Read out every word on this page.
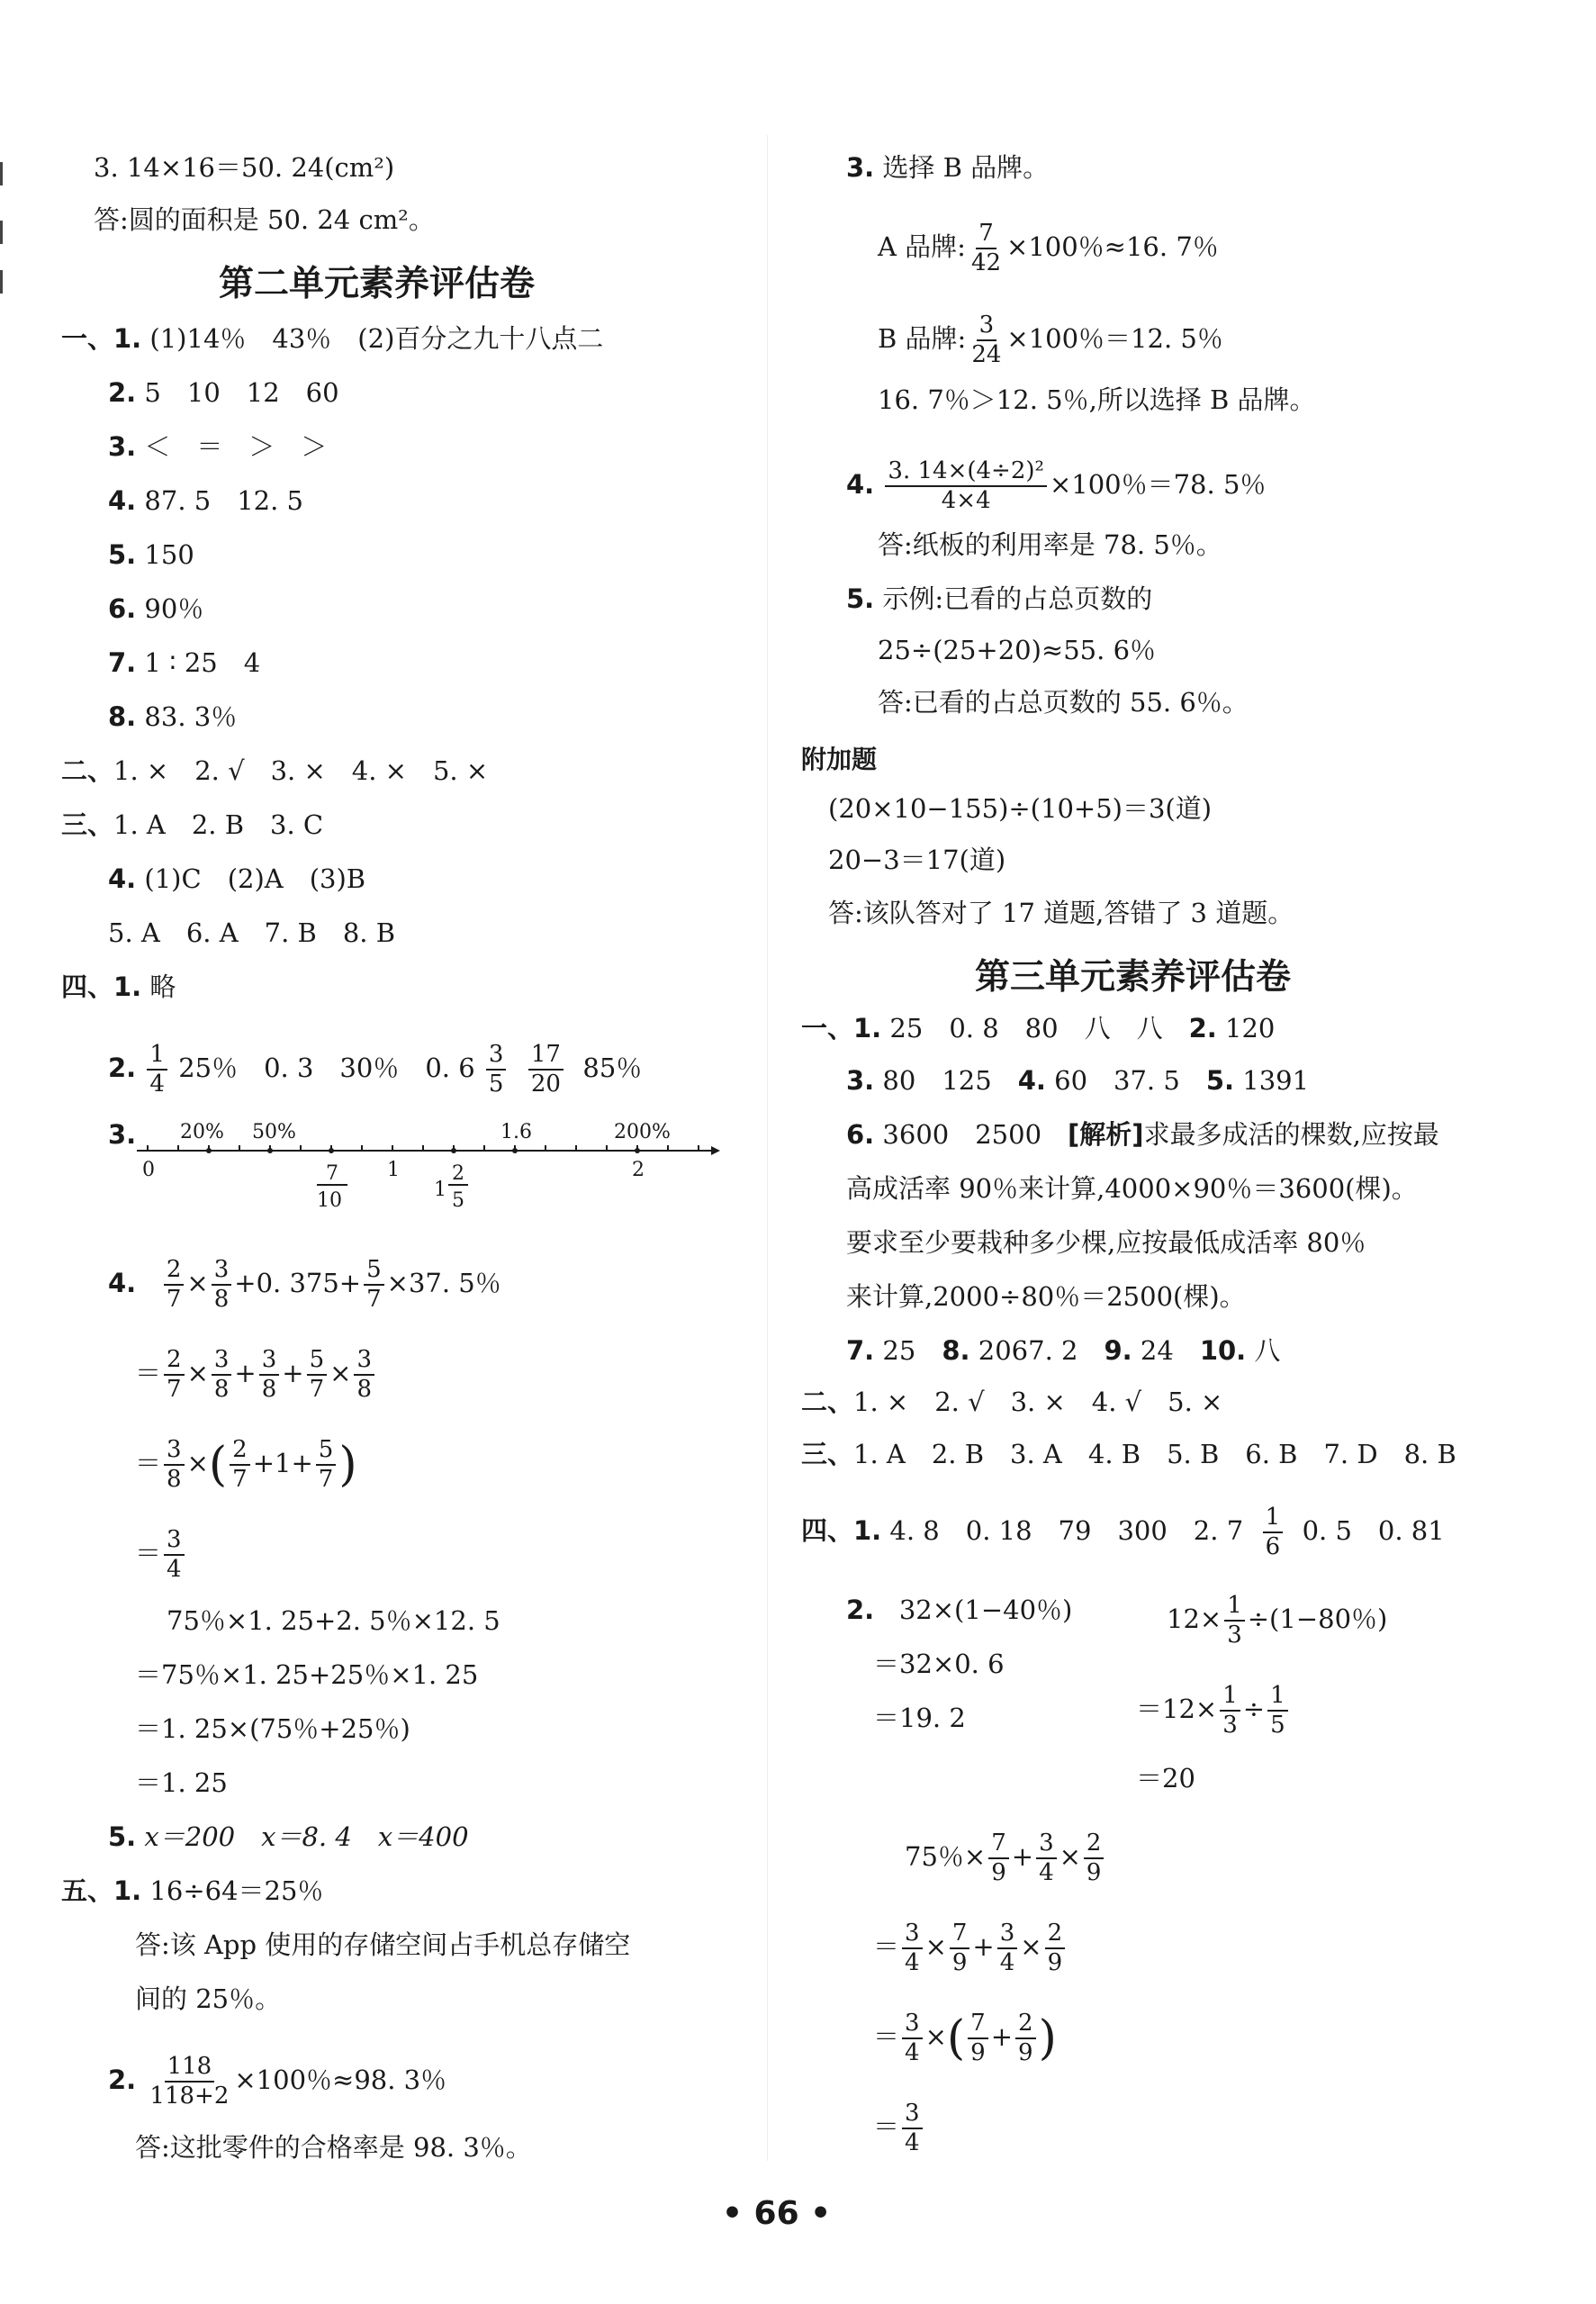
3. 14×16＝50. 24(cm²)
答:圆的面积是 50. 24 cm²。
第二单元素养评估卷
一、1. (1)14％　43％　(2)百分之九十八点二
2. 5　10　12　60
3. ＜　＝　＞　＞
4. 87. 5　12. 5
5. 150
6. 90％
7. 1 ∶ 25　4
8. 83. 3％
二、1. ×　2. √　3. ×　4. ×　5. ×
三、1. A　2. B　3. C
4. (1)C　(2)A　(3)B
5. A　6. A　7. B　8. B
四、1. 略
2. $\frac{1}{4} 25$％　0. 3　30％　0. $6 \frac{3}{5}$
$\frac{17}{20} 85$％
3. 20% 50%	1.6	200%
0	1	2
7
10	1
2
5
4. $\frac{2}{7} \times \frac{3}{8} +0$. $375+ \frac{5}{7} \times 37$. 5％
＝ $\frac{2}{7} \times \frac{3}{8} + \frac{3}{8} + \frac{5}{7} \times \frac{3}{8}$
＝ $\frac{3}{8}$ ×( $\frac{2}{7} +1+ \frac{5}{7}$ )
＝ $\frac{3}{4}$
75％×1. 25+2. 5％×12. 5
＝75％×1. 25+25％×1. 25
＝1. 25×(75％+25％)
＝1. 25
5. x＝200　x＝8. 4　x＝400
五、1. 16÷64＝25％
答:该 App 使用的存储空间占手机总存储空
间的 25％。
2. $\frac{118}{118+2} \times 100$％≈98. 3％
答:这批零件的合格率是 98. 3％。
3. 选择 B 品牌。
A 品牌: $\frac{7}{42} \times 100$％≈16. 7％
B 品牌: $\frac{3}{24} \times 100$％＝12. 5％
16. 7％＞12. 5％,所以选择 B 品牌。
4. $\frac{\text{3. 14×(4÷2)²}}{4\times 4} \times 100$％＝78. 5％
答:纸板的利用率是 78. 5％。
5. 示例:已看的占总页数的
25÷(25+20)≈55. 6％
答:已看的占总页数的 55. 6％。
附加题
(20×10−155)÷(10+5)＝3(道)
20−3＝17(道)
答:该队答对了 17 道题,答错了 3 道题。
第三单元素养评估卷
一、1. 25　0. 8　80　八　八　 2. 120
3. 80　125　 4. 60　37. 5　 5. 1391
6. 3600　2500　 [解析]求最多成活的棵数,应按最
高成活率 90％来计算,4000×90％＝3600(棵)。
要求至少要栽种多少棵,应按最低成活率 80％
来计算,2000÷80％＝2500(棵)。
7. 25　 8. 2067. 2　 9. 24　 10. 八
二、1. ×　2. √　3. ×　4. √　5. ×
三、1. A　2. B　3. A　4. B　5. B　6. B　7. D　8. B
四、1. 4. 8　0. 18　79　300　2. $7 \frac{1}{6} 0$. 5　0. 81
2. 32×(1−40％)
＝32×0. 6
＝19. 2
$12\times \frac{1}{3} \div(1-80$％)
$=12\times \frac{1}{3} \div \frac{1}{5}$
＝20
75％× $\frac{7}{9} + \frac{3}{4} \times \frac{2}{9}$
＝ $\frac{3}{4} \times \frac{7}{9} + \frac{3}{4} \times \frac{2}{9}$
＝ $\frac{3}{4}$ ×( $\frac{7}{9} + \frac{2}{9}$ )
＝ $\frac{3}{4}$
• 66 •
